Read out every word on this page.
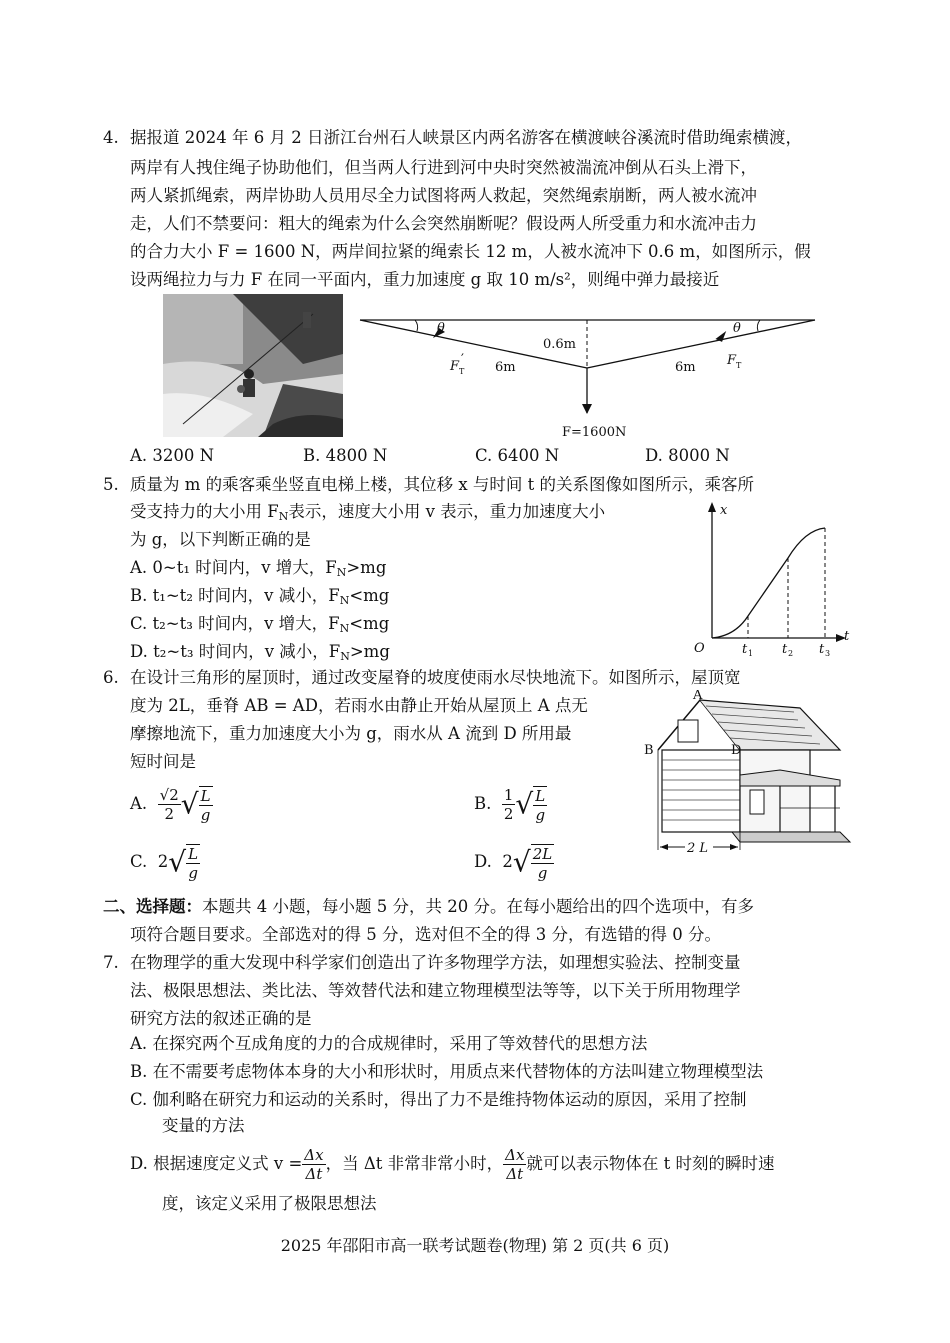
4. 据报道 2024 年 6 月 2 日浙江台州石人峡景区内两名游客在横渡峡谷溪流时借助绳索横渡，
两岸有人拽住绳子协助他们，但当两人行进到河中央时突然被湍流冲倒从石头上滑下，
两人紧抓绳索，两岸协助人员用尽全力试图将两人救起，突然绳索崩断，两人被水流冲
走，人们不禁要问：粗大的绳索为什么会突然崩断呢？假设两人所受重力和水流冲击力
的合力大小 F = 1600 N，两岸间拉紧的绳索长 12 m，人被水流冲下 0.6 m，如图所示，假
设两绳拉力与力 F 在同一平面内，重力加速度 g 取 10 m/s²，则绳中弹力最接近
θ	θ
0.6m
6m	6m
F T
′	F T
F=1600N
A. 3200 N	B. 4800 N	C. 6400 N	D. 8000 N
5. 质量为 m 的乘客乘坐竖直电梯上楼，其位移 x 与时间 t 的关系图像如图所示，乘客所
受支持力的大小用 $F_N$表示，速度大小用 v 表示，重力加速度大小
为 g，以下判断正确的是
A. 0~t₁ 时间内，v 增大，$F_N>mg$
B. t₁~t₂ 时间内，v 减小，$F_N<mg$
C. t₂~t₃ 时间内，v 增大，$F_N<mg$
D. t₂~t₃ 时间内，v 减小，$F_N>mg$
x
t
O	t 1 t 2 t 3
6. 在设计三角形的屋顶时，通过改变屋脊的坡度使雨水尽快地流下。如图所示，屋顶宽
度为 2L，垂脊 AB = AD，若雨水由静止开始从屋顶上 A 点无
摩擦地流下，重力加速度大小为 g，雨水从 A 流到 D 所用最
短时间是
2 L
A
B	D
A. $\frac{√2}{2}$ √ $\frac{L}{g}$	B. $\frac{1}{2}$ √ $\frac{L}{g}$
C. $2√ \frac{L}{g}$	D. $2√ \frac{2L}{g}$
二、选择题：本题共 4 小题，每小题 5 分，共 20 分。在每小题给出的四个选项中，有多
项符合题目要求。全部选对的得 5 分，选对但不全的得 3 分，有选错的得 0 分。
7. 在物理学的重大发现中科学家们创造出了许多物理学方法，如理想实验法、控制变量
法、极限思想法、类比法、等效替代法和建立物理模型法等等，以下关于所用物理学
研究方法的叙述正确的是
A. 在探究两个互成角度的力的合成规律时，采用了等效替代的思想方法
B. 在不需要考虑物体本身的大小和形状时，用质点来代替物体的方法叫建立物理模型法
C. 伽利略在研究力和运动的关系时，得出了力不是维持物体运动的原因，采用了控制
变量的方法
D. 根据速度定义式 $v = \frac{\Delta x}{\Delta t}$ ，当 Δt 非常非常小时， $\frac{\Delta x}{\Delta t}$ 就可以表示物体在 t 时刻的瞬时速
度，该定义采用了极限思想法
2025 年邵阳市高一联考试题卷(物理) 第 2 页(共 6 页)
